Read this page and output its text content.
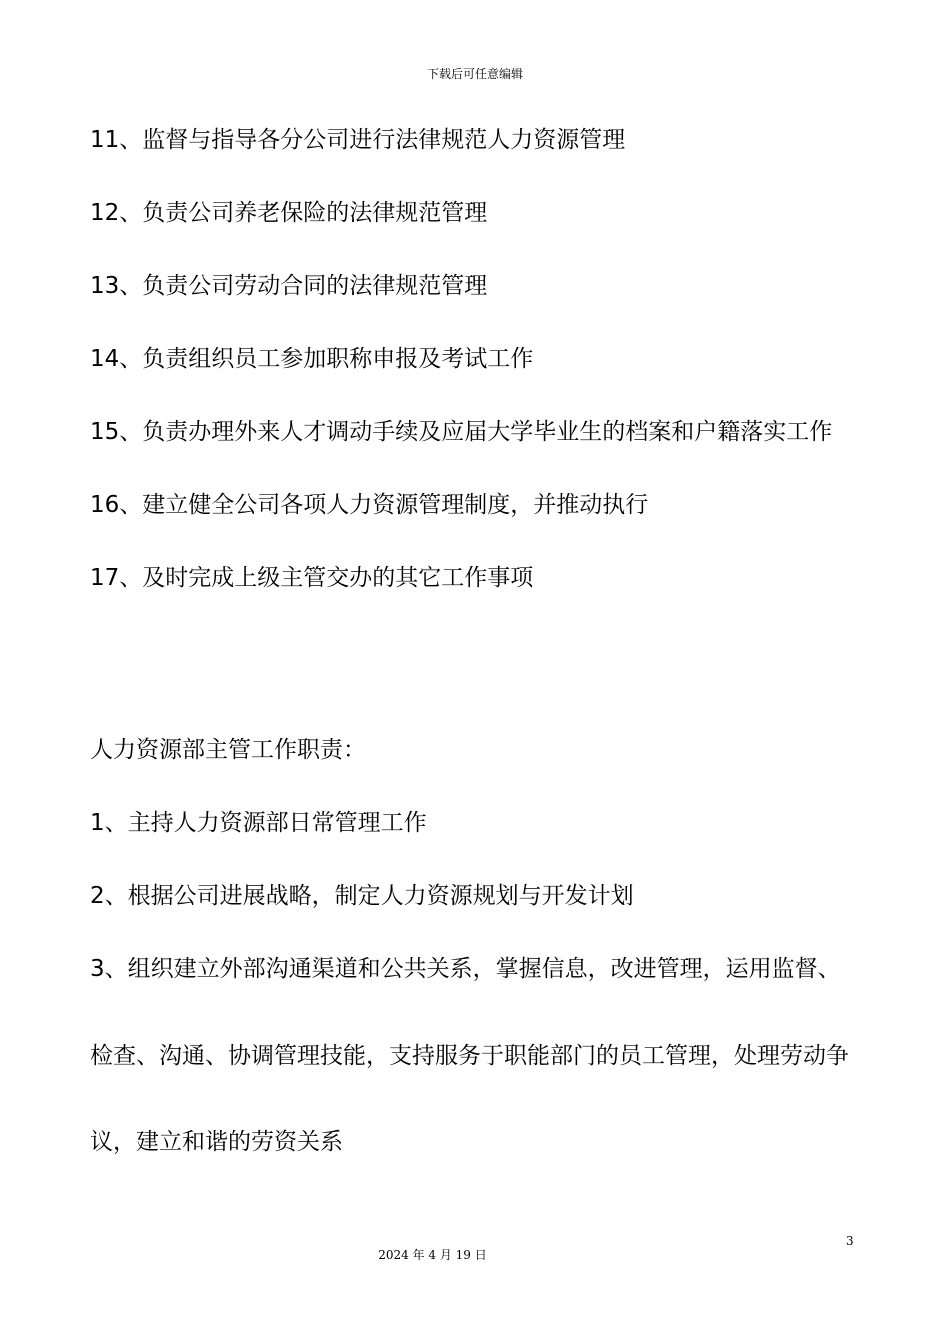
下载后可任意编辑
11、监督与指导各分公司进行法律规范人力资源管理
12、负责公司养老保险的法律规范管理
13、负责公司劳动合同的法律规范管理
14、负责组织员工参加职称申报及考试工作
15、负责办理外来人才调动手续及应届大学毕业生的档案和户籍落实工作
16、建立健全公司各项人力资源管理制度，并推动执行
17、及时完成上级主管交办的其它工作事项
人力资源部主管工作职责：
1、主持人力资源部日常管理工作
2、根据公司进展战略，制定人力资源规划与开发计划
3、组织建立外部沟通渠道和公共关系，掌握信息，改进管理，运用监督、
检查、沟通、协调管理技能，支持服务于职能部门的员工管理，处理劳动争
议，建立和谐的劳资关系
3
2024 年 4 月 19 日
